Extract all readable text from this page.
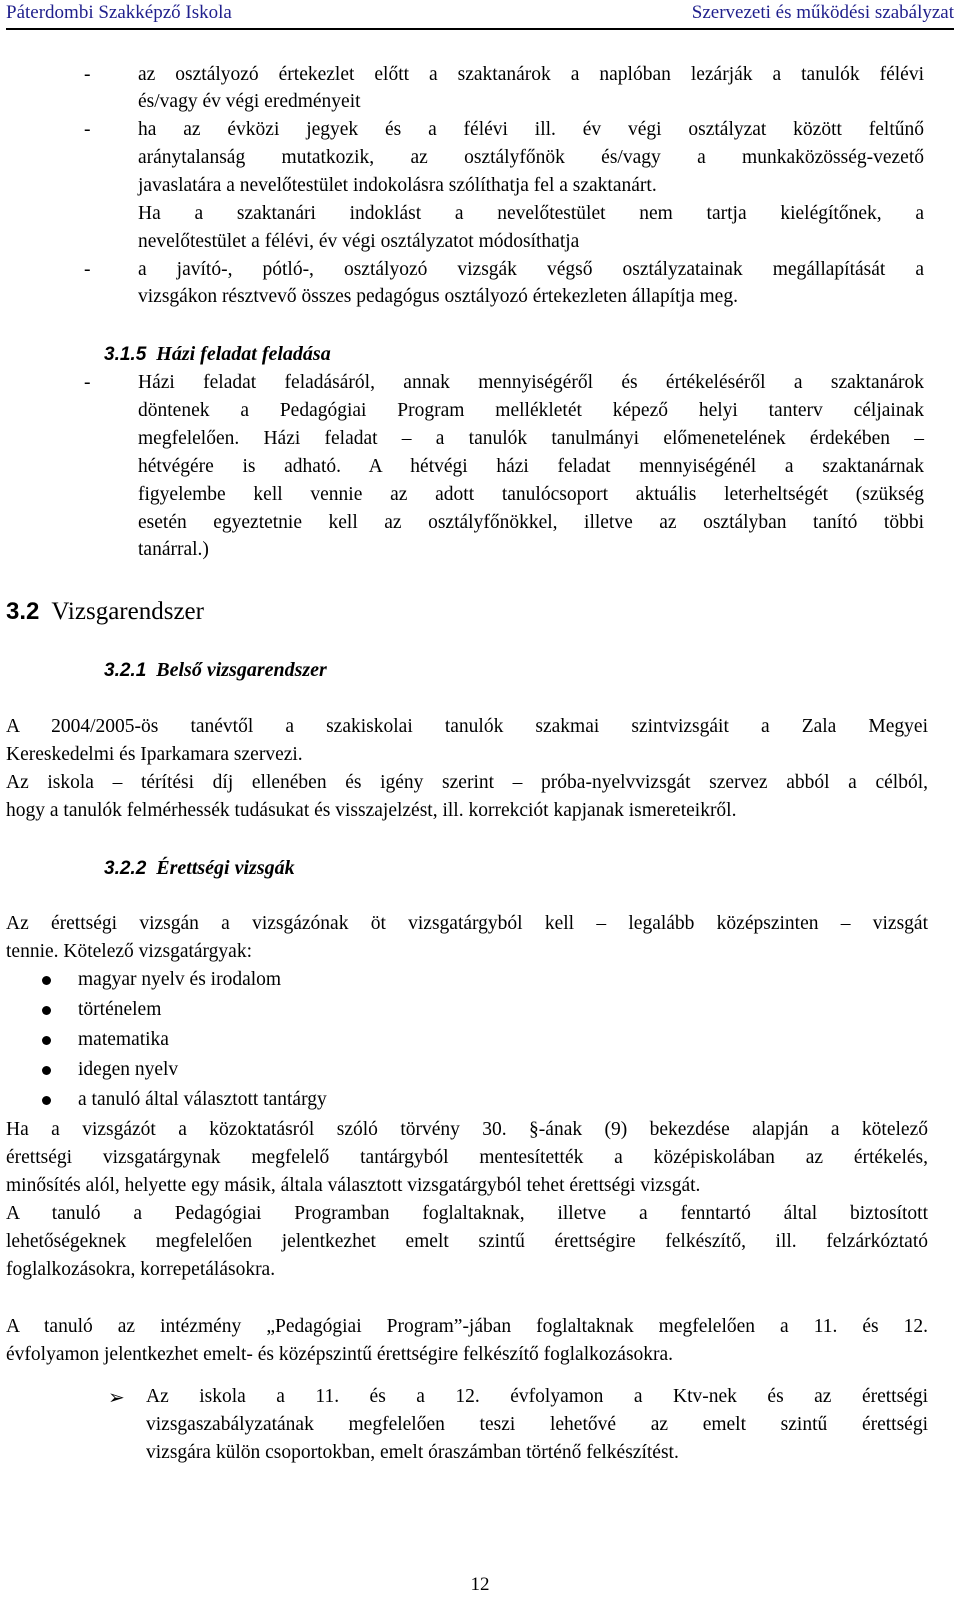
Páterdombi Szakképző Iskola	Szervezeti és működési szabályzat
- az osztályozó értekezlet előtt a szaktanárok a naplóban lezárják a tanulók félévi
és/vagy év végi eredményeit
- ha az évközi jegyek és a félévi ill. év végi osztályzat között feltűnő
aránytalanság mutatkozik, az osztályfőnök és/vagy a munkaközösség-vezető
javaslatára a nevelőtestület indokolásra szólíthatja fel a szaktanárt.
Ha a szaktanári indoklást a nevelőtestület nem tartja kielégítőnek, a
nevelőtestület a félévi, év végi osztályzatot módosíthatja
- a javító-, pótló-, osztályozó vizsgák végső osztályzatainak megállapítását a
vizsgákon résztvevő összes pedagógus osztályozó értekezleten állapítja meg.
3.1.5 Házi feladat feladása
- Házi feladat feladásáról, annak mennyiségéről és értékeléséről a szaktanárok
döntenek a Pedagógiai Program mellékletét képező helyi tanterv céljainak
megfelelően. Házi feladat – a tanulók tanulmányi előmenetelének érdekében –
hétvégére is adható. A hétvégi házi feladat mennyiségénél a szaktanárnak
figyelembe kell vennie az adott tanulócsoport aktuális leterheltségét (szükség
esetén egyeztetnie kell az osztályfőnökkel, illetve az osztályban tanító többi
tanárral.)
3.2 Vizsgarendszer
3.2.1 Belső vizsgarendszer
A 2004/2005-ös tanévtől a szakiskolai tanulók szakmai szintvizsgáit a Zala Megyei
Kereskedelmi és Iparkamara szervezi.
Az iskola – térítési díj ellenében és igény szerint – próba-nyelvvizsgát szervez abból a célból,
hogy a tanulók felmérhessék tudásukat és visszajelzést, ill. korrekciót kapjanak ismereteikről.
3.2.2 Érettségi vizsgák
Az érettségi vizsgán a vizsgázónak öt vizsgatárgyból kell – legalább középszinten – vizsgát
tennie. Kötelező vizsgatárgyak:
magyar nyelv és irodalom
történelem
matematika
idegen nyelv
a tanuló által választott tantárgy
Ha a vizsgázót a közoktatásról szóló törvény 30. §-ának (9) bekezdése alapján a kötelező
érettségi vizsgatárgynak megfelelő tantárgyból mentesítették a középiskolában az értékelés,
minősítés alól, helyette egy másik, általa választott vizsgatárgyból tehet érettségi vizsgát.
A tanuló a Pedagógiai Programban foglaltaknak, illetve a fenntartó által biztosított
lehetőségeknek megfelelően jelentkezhet emelt szintű érettségire felkészítő, ill. felzárkóztató
foglalkozásokra, korrepetálásokra.
A tanuló az intézmény „Pedagógiai Program”-jában foglaltaknak megfelelően a 11. és 12.
évfolyamon jelentkezhet emelt- és középszintű érettségire felkészítő foglalkozásokra.
➢ Az iskola a 11. és a 12. évfolyamon a Ktv-nek és az érettségi
vizsgaszabályzatának megfelelően teszi lehetővé az emelt szintű érettségi
vizsgára külön csoportokban, emelt óraszámban történő felkészítést.
12
